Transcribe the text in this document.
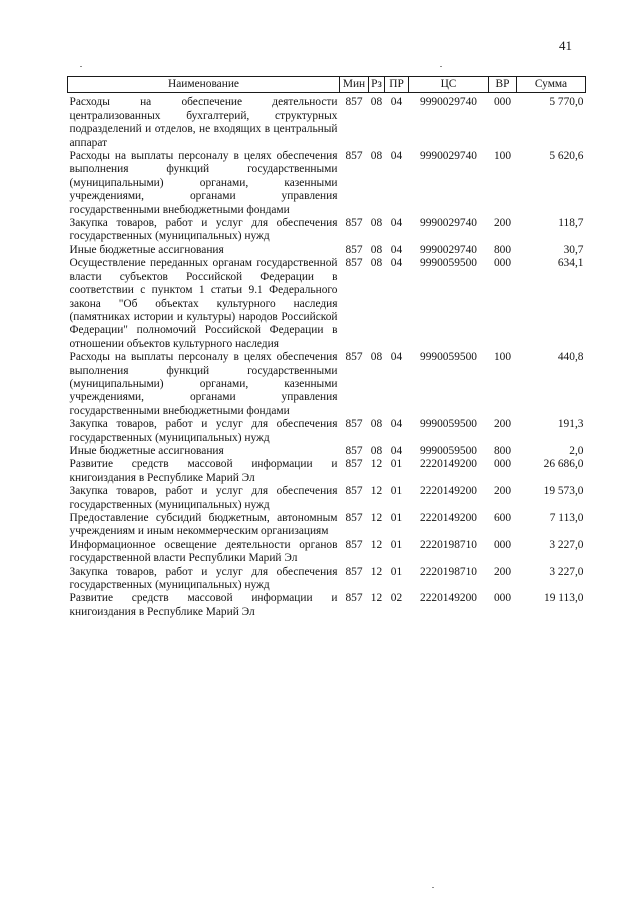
41
Наименование	Мин	Рз	ПР	ЦС	ВР	Сумма
Расходы на обеспечение деятельности централизованных бухгалтерий, структурных подразделений и отделов, не входящих в центральный аппарат	857	08	04	9990029740	000	5 770,0
Расходы на выплаты персоналу в целях обеспечения выполнения функций государственными (муниципальными) органами, казенными учреждениями, органами управления государственными внебюджетными фондами	857	08	04	9990029740	100	5 620,6
Закупка товаров, работ и услуг для обеспечения государственных (муниципальных) нужд	857	08	04	9990029740	200	118,7
Иные бюджетные ассигнования	857	08	04	9990029740	800	30,7
Осуществление переданных органам государственной власти субъектов Российской Федерации в соответствии с пунктом 1 статьи 9.1 Федерального закона "Об объектах культурного наследия (памятниках истории и культуры) народов Российской Федерации" полномочий Российской Федерации в отношении объектов культурного наследия	857	08	04	9990059500	000	634,1
Расходы на выплаты персоналу в целях обеспечения выполнения функций государственными (муниципальными) органами, казенными учреждениями, органами управления государственными внебюджетными фондами	857	08	04	9990059500	100	440,8
Закупка товаров, работ и услуг для обеспечения государственных (муниципальных) нужд	857	08	04	9990059500	200	191,3
Иные бюджетные ассигнования	857	08	04	9990059500	800	2,0
Развитие средств массовой информации и книгоиздания в Республике Марий Эл	857	12	01	2220149200	000	26 686,0
Закупка товаров, работ и услуг для обеспечения государственных (муниципальных) нужд	857	12	01	2220149200	200	19 573,0
Предоставление субсидий бюджетным, автономным учреждениям и иным некоммерческим организациям	857	12	01	2220149200	600	7 113,0
Информационное освещение деятельности органов государственной власти Республики Марий Эл	857	12	01	2220198710	000	3 227,0
Закупка товаров, работ и услуг для обеспечения государственных (муниципальных) нужд	857	12	01	2220198710	200	3 227,0
Развитие средств массовой информации и книгоиздания в Республике Марий Эл	857	12	02	2220149200	000	19 113,0
